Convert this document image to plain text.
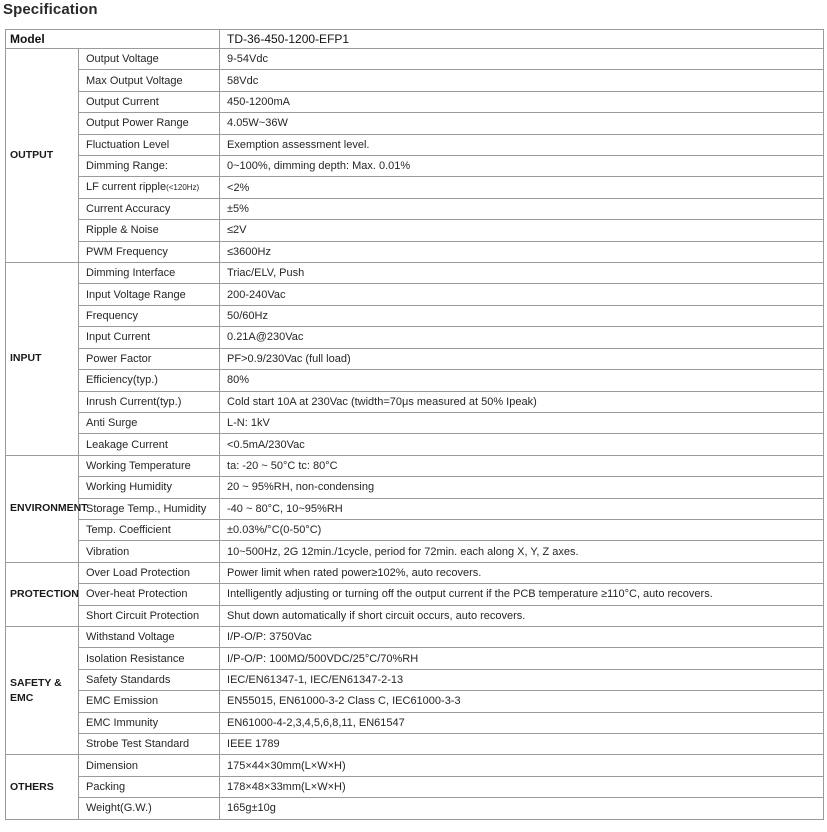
Specification
Model		TD-36-450-1200-EFP1
OUTPUT	Output Voltage	9-54Vdc
	Max Output Voltage	58Vdc
	Output Current	450-1200mA
	Output Power Range	4.05W~36W
	Fluctuation Level	Exemption assessment level.
	Dimming Range:	0~100%, dimming depth: Max. 0.01%
	LF current ripple(<120Hz)	<2%
	Current Accuracy	±5%
	Ripple & Noise	≤2V
	PWM Frequency	≤3600Hz
INPUT	Dimming Interface	Triac/ELV, Push
	Input Voltage Range	200-240Vac
	Frequency	50/60Hz
	Input Current	0.21A@230Vac
	Power Factor	PF>0.9/230Vac (full load)
	Efficiency(typ.)	80%
	Inrush Current(typ.)	Cold start 10A at 230Vac (twidth=70μs measured at 50% Ipeak)
	Anti Surge	L-N: 1kV
	Leakage Current	<0.5mA/230Vac
ENVIRONMENT	Working Temperature	ta: -20 ~ 50°C tc: 80°C
	Working Humidity	20 ~ 95%RH, non-condensing
	Storage Temp., Humidity	-40 ~ 80°C, 10~95%RH
	Temp. Coefficient	±0.03%/°C(0-50°C)
	Vibration	10~500Hz, 2G 12min./1cycle, period for 72min. each along X, Y, Z axes.
PROTECTION	Over Load Protection	Power limit when rated power≥102%, auto recovers.
	Over-heat Protection	Intelligently adjusting or turning off the output current if the PCB temperature ≥110°C, auto recovers.
	Short Circuit Protection	Shut down automatically if short circuit occurs, auto recovers.
SAFETY & EMC	Withstand Voltage	I/P-O/P: 3750Vac
	Isolation Resistance	I/P-O/P: 100MΩ/500VDC/25°C/70%RH
	Safety Standards	IEC/EN61347-1, IEC/EN61347-2-13
	EMC Emission	EN55015, EN61000-3-2 Class C, IEC61000-3-3
	EMC Immunity	EN61000-4-2,3,4,5,6,8,11, EN61547
	Strobe Test Standard	IEEE 1789
OTHERS	Dimension	175×44×30mm(L×W×H)
	Packing	178×48×33mm(L×W×H)
	Weight(G.W.)	165g±10g
